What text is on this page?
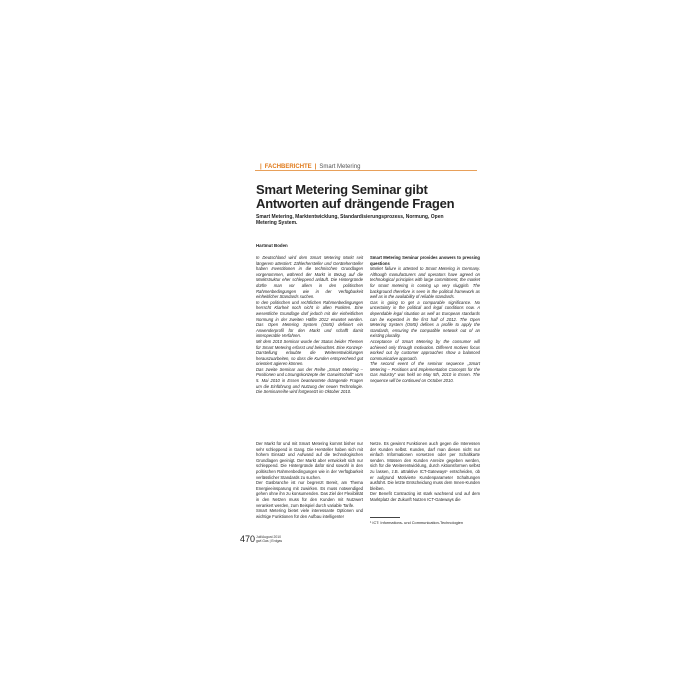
| FACHBERICHTE | Smart Metering
Smart Metering Seminar gibt Antworten auf drängende Fragen
Smart Metering, Marktentwicklung, Standardisierungsprozess, Normung, Open Metering System.
Hartmut Boden

In Deutschland wird dem Smart Metering Markt seit längerem attestiert: Zählerhersteller und Gerätehersteller haben Investitionen in die technischen Grundlagen vorgenommen, während der Markt in Bezug auf die Marktstruktur eher schleppend anläuft. Die Hintergründe dürfte man vor allem in den politischen Rahmenbedingungen wie in der Verfügbarkeit einheitlicher Standards suchen.

In den politischen und rechtlichen Rahmenbedingungen herrscht Klarheit noch nicht in allen Punkten. Eine wesentliche Grundlage darf jedoch mit der einheitlichen Normung in der zweiten Hälfte 2012 erwartet werden. Das Open Metering System (OMS) definiert ein Anwenderprofil für den Markt und schafft damit interoperable Verfahren.

Mit dem 2010 Seminar wurde der Status beider Themen für Smart Metering erfasst und beleuchtet. Eine Konzept-Darstellung erlaubte die Weiterentwicklungen herauszuarbeiten, so dass die Kunden entsprechend gut orientiert agieren können.

Das zweite Seminar aus der Reihe „Smart Metering – Positionen und Lösungskonzepte der Gaswirtschaft“ vom 5. Mai 2010 in Essen beantwortete drängende Fragen um die Einführung und Nutzung der neuen Technologie. Die Seminarreihe wird fortgesetzt im Oktober 2010.

Smart Metering Seminar provides answers to pressing questions

Market failure is attested to Smart Metering in Germany. Although manufacturers and operators have agreed on technological principles with large commitment, the market for smart metering is coming up very sluggish. The background therefore is seen in the political framework as well as in the availability of reliable standards.

Gas is going to get a comparable significance. No uncertainty in the political and legal conditions now. A dependable legal situation as well as European standards can be expected in the first half of 2012. The Open Metering System (OMS) defines a profile to apply the standards, ensuring the compatible network out of an existing plurality.

Acceptance of Smart Metering by the consumer will achieved only through motivation. Different motives focus worked out by customer approaches show a balanced communicative approach.

The second event of the seminar sequence „Smart Metering – Positions and Implementation Concepts for the Gas Industry“ was held on May 5th, 2010 in Essen. The sequence will be continued on October 2010.

Der Markt für und mit Smart Metering kommt bisher nur sehr schleppend in Gang. Die Hersteller haben sich mit hohem Einsatz und Aufwand auf die technologischen Grundlagen geeinigt. Der Markt aber entwickelt sich nur schleppend. Die Hintergründe dafür sind sowohl in den politischen Rahmenbedingungen wie in der Verfügbarkeit verlässlicher Standards zu suchen.

Der Gasbranche ist nur begrenzt Bereit, am Thema Energieeinsparung mit zuwirken. Es muss notwendiged gehen ohne ihn zu konsumenden. Das Ziel der Flexibilität in den Netzen muss für den Kunden mit Nutzwert verankert werden, zum Beispiel durch variable Tarife.

Smart Metering bietet viele interessante Optionen und wichtige Funktionen für den Aufbau intelligenter

Netze. Es gewinnt Funktionen auch gegen die Interessen der Kunden selbst. Kunden, darf man diesen nicht nur einfach Informationen vorsetzen oder per Schaltkarte senden. Müssen den Kunden Anreize gegeben werden, sich für die Weiterentwicklung, durch Aktionsformen selbst zu lassen, z.B. attraktive ICT-Gateways¹ entscheiden, ob er aufgrund Motivierte Kundenparameter Schaltungen ausführt. Die letzte Entscheidung muss dem Innen-Kunden bleiben.

Der Benefit Contracting ist stark wachsend und auf dem Marktplatz der Zukunft Nutzen ICT-Gateways die

¹ ICT: Informations- und Communication-Technologien
470 Juli/August 2010
gwf-Gas | Erdgas
